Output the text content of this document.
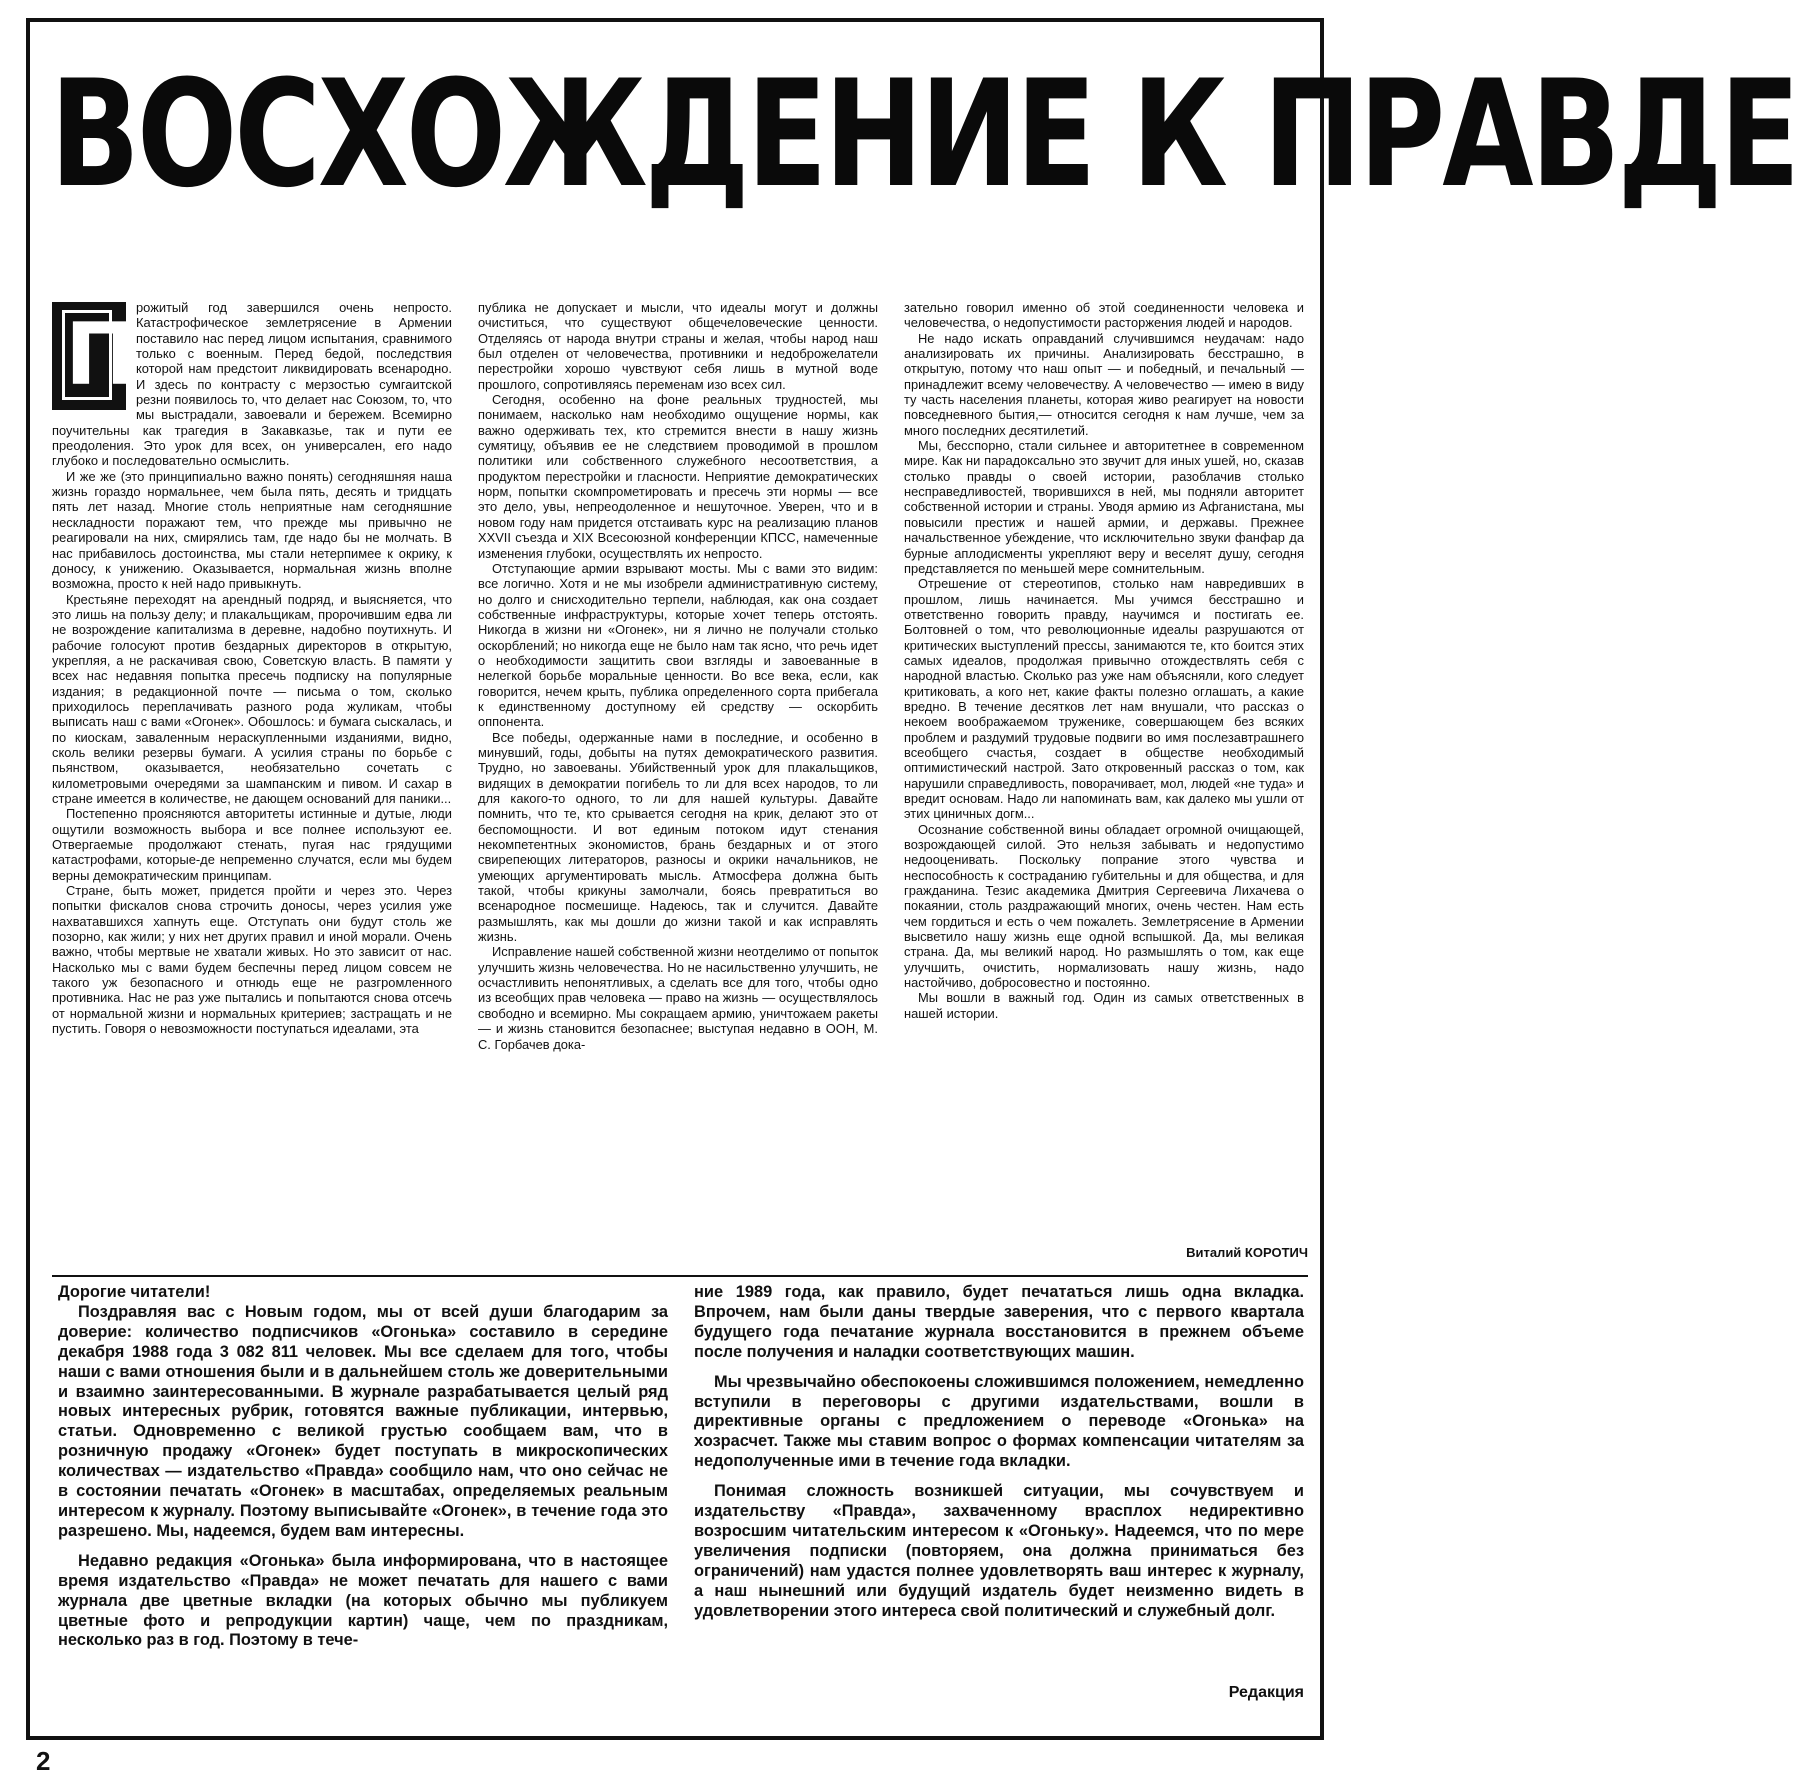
ВОСХОЖДЕНИЕ К ПРАВДЕ
П рожитый год завершился очень непросто. Катастрофическое землетрясение в Армении поставило нас перед лицом испытания, сравнимого только с военным. Перед бедой, последствия которой нам предстоит ликвидировать всенародно. И здесь по контрасту с мерзостью сумгаитской резни появилось то, что делает нас Союзом, то, что мы выстрадали, завоевали и бережем. Всемирно поучительны как трагедия в Закавказье, так и пути ее преодоления. Это урок для всех, он универсален, его надо глубоко и последовательно осмыслить.

И же же (это принципиально важно понять) сегодняшняя наша жизнь гораздо нормальнее, чем была пять, десять и тридцать пять лет назад. Многие столь неприятные нам сегодняшние нескладности поражают тем, что прежде мы привычно не реагировали на них, смирялись там, где надо бы не молчать. В нас прибавилось достоинства, мы стали нетерпимее к окрику, к доносу, к унижению. Оказывается, нормальная жизнь вполне возможна, просто к ней надо привыкнуть.

Крестьяне переходят на арендный подряд, и выясняется, что это лишь на пользу делу; и плакальщикам, пророчившим едва ли не возрождение капитализма в деревне, надобно поутихнуть. И рабочие голосуют против бездарных директоров в открытую, укрепляя, а не раскачивая свою, Советскую власть. В памяти у всех нас недавняя попытка пресечь подписку на популярные издания; в редакционной почте — письма о том, сколько приходилось переплачивать разного рода жуликам, чтобы выписать наш с вами «Огонек». Обошлось: и бумага сыскалась, и по киоскам, заваленным нераскупленными изданиями, видно, сколь велики резервы бумаги. А усилия страны по борьбе с пьянством, оказывается, необязательно сочетать с километровыми очередями за шампанским и пивом. И сахар в стране имеется в количестве, не дающем оснований для паники...

Постепенно проясняются авторитеты истинные и дутые, люди ощутили возможность выбора и все полнее используют ее. Отвергаемые продолжают стенать, пугая нас грядущими катастрофами, которые-де непременно случатся, если мы будем верны демократическим принципам.

Стране, быть может, придется пройти и через это. Через попытки фискалов снова строчить доносы, через усилия уже нахватавшихся хапнуть еще. Отступать они будут столь же позорно, как жили; у них нет других правил и иной морали. Очень важно, чтобы мертвые не хватали живых. Но это зависит от нас. Насколько мы с вами будем беспечны перед лицом совсем не такого уж безопасного и отнюдь еще не разгромленного противника. Нас не раз уже пытались и попытаются снова отсечь от нормальной жизни и нормальных критериев; застращать и не пустить. Говоря о невозможности поступаться идеалами, эта

публика не допускает и мысли, что идеалы могут и должны очиститься, что существуют общечеловеческие ценности. Отделяясь от народа внутри страны и желая, чтобы народ наш был отделен от человечества, противники и недоброжелатели перестройки хорошо чувствуют себя лишь в мутной воде прошлого, сопротивляясь переменам изо всех сил.

Сегодня, особенно на фоне реальных трудностей, мы понимаем, насколько нам необходимо ощущение нормы, как важно одерживать тех, кто стремится внести в нашу жизнь сумятицу, объявив ее не следствием проводимой в прошлом политики или собственного служебного несоответствия, а продуктом перестройки и гласности. Неприятие демократических норм, попытки скомпрометировать и пресечь эти нормы — все это дело, увы, непреодоленное и нешуточное. Уверен, что и в новом году нам придется отстаивать курс на реализацию планов XXVII съезда и XIX Всесоюзной конференции КПСС, намеченные изменения глубоки, осуществлять их непросто.

Отступающие армии взрывают мосты. Мы с вами это видим: все логично. Хотя и не мы изобрели административную систему, но долго и снисходительно терпели, наблюдая, как она создает собственные инфраструктуры, которые хочет теперь отстоять. Никогда в жизни ни «Огонек», ни я лично не получали столько оскорблений; но никогда еще не было нам так ясно, что речь идет о необходимости защитить свои взгляды и завоеванные в нелегкой борьбе моральные ценности. Во все века, если, как говорится, нечем крыть, публика определенного сорта прибегала к единственному доступному ей средству — оскорбить оппонента.

Все победы, одержанные нами в последние, и особенно в минувший, годы, добыты на путях демократического развития. Трудно, но завоеваны. Убийственный урок для плакальщиков, видящих в демократии погибель то ли для всех народов, то ли для какого-то одного, то ли для нашей культуры. Давайте помнить, что те, кто срывается сегодня на крик, делают это от беспомощности. И вот единым потоком идут стенания некомпетентных экономистов, брань бездарных и от этого свирепеющих литераторов, разносы и окрики начальников, не умеющих аргументировать мысль. Атмосфера должна быть такой, чтобы крикуны замолчали, боясь превратиться во всенародное посмешище. Надеюсь, так и случится. Давайте размышлять, как мы дошли до жизни такой и как исправлять жизнь.

Исправление нашей собственной жизни неотделимо от попыток улучшить жизнь человечества. Но не насильственно улучшить, не осчастливить непонятливых, а сделать все для того, чтобы одно из всеобщих прав человека — право на жизнь — осуществлялось свободно и всемирно. Мы сокращаем армию, уничтожаем ракеты — и жизнь становится безопаснее; выступая недавно в ООН, М. С. Горбачев дока-

зательно говорил именно об этой соединенности человека и человечества, о недопустимости расторжения людей и народов.

Не надо искать оправданий случившимся неудачам: надо анализировать их причины. Анализировать бесстрашно, в открытую, потому что наш опыт — и победный, и печальный — принадлежит всему человечеству. А человечество — имею в виду ту часть населения планеты, которая живо реагирует на новости повседневного бытия,— относится сегодня к нам лучше, чем за много последних десятилетий.

Мы, бесспорно, стали сильнее и авторитетнее в современном мире. Как ни парадоксально это звучит для иных ушей, но, сказав столько правды о своей истории, разоблачив столько несправедливостей, творившихся в ней, мы подняли авторитет собственной истории и страны. Уводя армию из Афганистана, мы повысили престиж и нашей армии, и державы. Прежнее начальственное убеждение, что исключительно звуки фанфар да бурные аплодисменты укрепляют веру и веселят душу, сегодня представляется по меньшей мере сомнительным.

Отрешение от стереотипов, столько нам навредивших в прошлом, лишь начинается. Мы учимся бесстрашно и ответственно говорить правду, научимся и постигать ее. Болтовней о том, что революционные идеалы разрушаются от критических выступлений прессы, занимаются те, кто боится этих самых идеалов, продолжая привычно отождествлять себя с народной властью. Сколько раз уже нам объясняли, кого следует критиковать, а кого нет, какие факты полезно оглашать, а какие вредно. В течение десятков лет нам внушали, что рассказ о некоем воображаемом труженике, совершающем без всяких проблем и раздумий трудовые подвиги во имя послезавтрашнего всеобщего счастья, создает в обществе необходимый оптимистический настрой. Зато откровенный рассказ о том, как нарушили справедливость, поворачивает, мол, людей «не туда» и вредит основам. Надо ли напоминать вам, как далеко мы ушли от этих циничных догм...

Осознание собственной вины обладает огромной очищающей, возрождающей силой. Это нельзя забывать и недопустимо недооценивать. Поскольку попрание этого чувства и неспособность к состраданию губительны и для общества, и для гражданина. Тезис академика Дмитрия Сергеевича Лихачева о покаянии, столь раздражающий многих, очень честен. Нам есть чем гордиться и есть о чем пожалеть. Землетрясение в Армении высветило нашу жизнь еще одной вспышкой. Да, мы великая страна. Да, мы великий народ. Но размышлять о том, как еще улучшить, очистить, нормализовать нашу жизнь, надо настойчиво, добросовестно и постоянно.

Мы вошли в важный год. Один из самых ответственных в нашей истории.

Виталий КОРОТИЧ

Дорогие читатели!

Поздравляя вас с Новым годом, мы от всей души благодарим за доверие: количество подписчиков «Огонька» составило в середине декабря 1988 года 3 082 811 человек. Мы все сделаем для того, чтобы наши с вами отношения были и в дальнейшем столь же доверительными и взаимно заинтересованными. В журнале разрабатывается целый ряд новых интересных рубрик, готовятся важные публикации, интервью, статьи. Одновременно с великой грустью сообщаем вам, что в розничную продажу «Огонек» будет поступать в микроскопических количествах — издательство «Правда» сообщило нам, что оно сейчас не в состоянии печатать «Огонек» в масштабах, определяемых реальным интересом к журналу. Поэтому выписывайте «Огонек», в течение года это разрешено. Мы, надеемся, будем вам интересны.

Недавно редакция «Огонька» была информирована, что в настоящее время издательство «Правда» не может печатать для нашего с вами журнала две цветные вкладки (на которых обычно мы публикуем цветные фото и репродукции картин) чаще, чем по праздникам, несколько раз в год. Поэтому в тече-

ние 1989 года, как правило, будет печататься лишь одна вкладка. Впрочем, нам были даны твердые заверения, что с первого квартала будущего года печатание журнала восстановится в прежнем объеме после получения и наладки соответствующих машин.

Мы чрезвычайно обеспокоены сложившимся положением, немедленно вступили в переговоры с другими издательствами, вошли в директивные органы с предложением о переводе «Огонька» на хозрасчет. Также мы ставим вопрос о формах компенсации читателям за недополученные ими в течение года вкладки.

Понимая сложность возникшей ситуации, мы сочувствуем и издательству «Правда», захваченному врасплох недирективно возросшим читательским интересом к «Огоньку». Надеемся, что по мере увеличения подписки (повторяем, она должна приниматься без ограничений) нам удастся полнее удовлетворять ваш интерес к журналу, а наш нынешний или будущий издатель будет неизменно видеть в удовлетворении этого интереса свой политический и служебный долг.

Редакция
2
